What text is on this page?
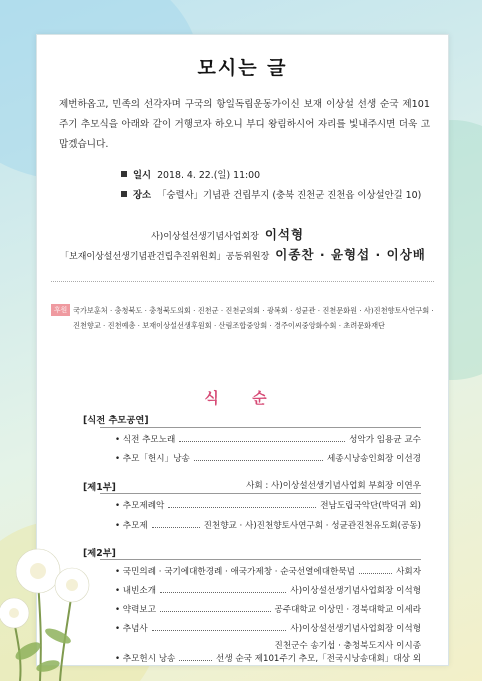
모시는 글

제번하옵고, 민족의 선각자며 구국의 항일독립운동가이신 보재 이상설 선생 순국 제101주기 추모식을 아래와 같이 거행코자 하오니 부디 왕림하시어 자리를 빛내주시면 더욱 고맙겠습니다.

일시 2018. 4. 22.(일) 11:00
장소 「숭렬사」기념관 건립부지 (충북 진천군 진천읍 이상설안길 10)
사)이상설선생기념사업회장 이석형
「보재이상설선생기념관건립추진위원회」공동위원장 이종찬 · 윤형섭 · 이상배
후원 국가보훈처 · 충청북도 · 충청북도의회 · 진천군 · 진천군의회 · 광복회 · 성균관 · 진천문화원 · 사)진천향토사연구회 · 진천향교 · 진천예총 · 보재이상설선생후원회 · 산림조합중앙회 · 경주이씨중앙화수회 · 초려문화재단
식 순
[식전 추모공연]
• 식전 추모노래	성악가 임용균 교수
• 추모「헌시」낭송	세종시낭송인회장 이선경
[제1부]	사회 : 사)이상설선생기념사업회 부회장 이연우
• 추모제례악	전남도립국악단(박덕귀 외)
• 추모제	진천향교 · 사)진천향토사연구회 · 성균관진천유도회(공동)
[제2부]
• 국민의례 · 국기에대한경례 · 애국가제창 · 순국선열에대한묵념	사회자
• 내빈소개	사)이상설선생기념사업회장 이석형
• 약력보고	공주대학교 이상민 · 경북대학교 이세라
• 추념사	사)이상설선생기념사업회장 이석형
진천군수 송기섭 · 충청북도지사 이시종
• 추모헌시 낭송	선생 순국 제101주기 추모,「전국시낭송대회」대상 외
